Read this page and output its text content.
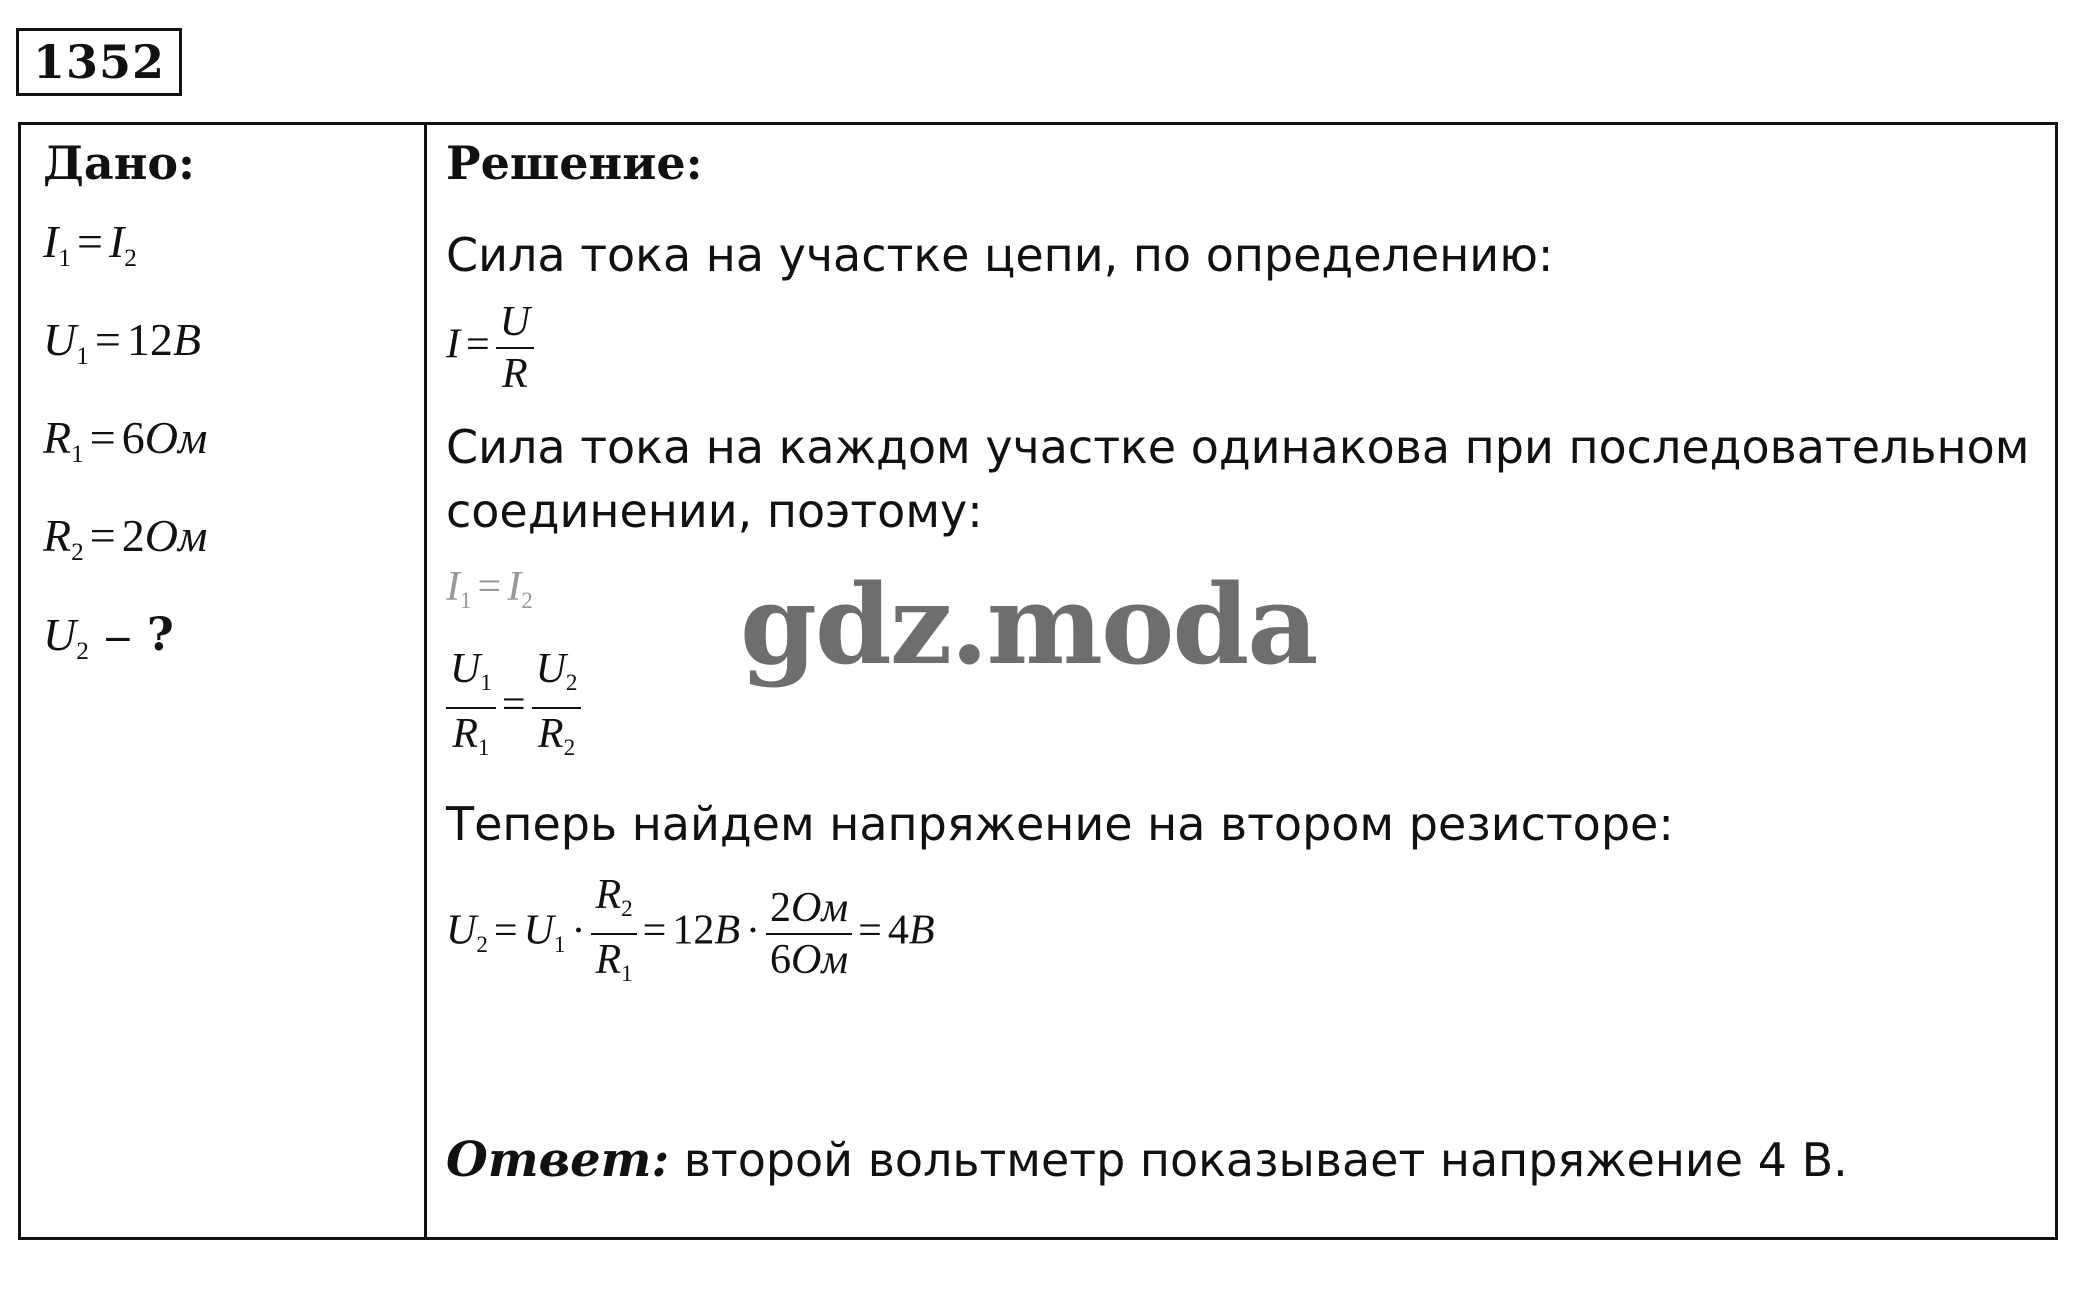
1352
Дано:
$I_1 = I_2$
$U_1 = 12B$
$R_1 = 6Ом$
$R_2 = 2Ом$
$U_2$ – ?
Решение:
Сила тока на участке цепи, по определению:
$I = \frac{U}{R}$
Сила тока на каждом участке одинакова при последовательном
соединении, поэтому:
$I_1 = I_2$
$\frac{U_1}{R_1} = \frac{U_2}{R_2}$
Теперь найдем напряжение на втором резисторе:
$U_2 = U_1 \cdot \frac{R_2}{R_1} = 12B \cdot \frac{2Ом}{6Ом} = 4B$
Ответ: второй вольтметр показывает напряжение 4 В.
gdz.moda
